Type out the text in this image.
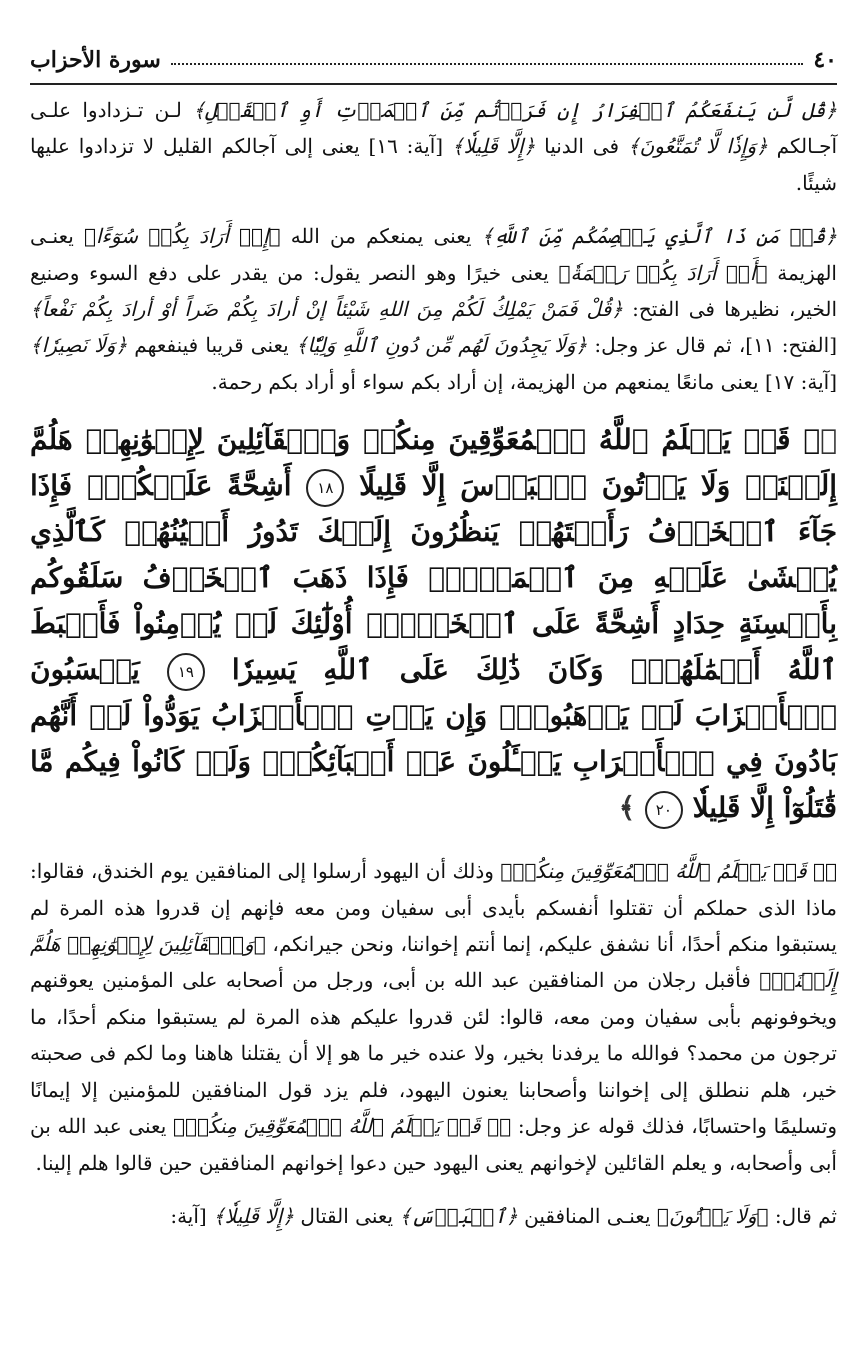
٤٠
سورة الأحزاب

﴿قُل لَّن يَنفَعَكُمُ ٱلۡفِرَارُ إِن فَرَرۡتُم مِّنَ ٱلۡمَوۡتِ أَوِ ٱلۡقَتۡلِ﴾ لـن تـزدادوا علـى آجـالكم ﴿وَإِذٗا لَّا تُمَتَّعُونَ﴾ فى الدنيا ﴿إِلَّا قَلِيلٗا﴾ [آية: ١٦] يعنى إلى آجالكم القليل لا تزدادوا عليها شيئًا.

﴿قُلۡ مَن ذَا ٱلَّذِي يَعۡصِمُكُم مِّنَ ٱللَّهِ﴾ يعنى يمنعكم من الله ﴿إِنۡ أَرَادَ بِكُمۡ سُوٓءًا﴾ يعنـى الهزيمة ﴿أَوۡ أَرَادَ بِكُمۡ رَحۡمَةٗ﴾ يعنى خيرًا وهو النصر يقول: من يقدر على دفع السوء وصنيع الخير، نظيرها فى الفتح: ﴿قُلْ فَمَنْ يَمْلِكُ لَكُمْ مِنَ اللهِ شَيْئاً إنْ أرادَ بِكُمْ ضَراً أوْ أرادَ بِكُمْ نَفْعاً﴾ [الفتح: ١١]، ثم قال عز وجل: ﴿وَلَا يَجِدُونَ لَهُم مِّن دُونِ ٱللَّهِ وَلِيّٗا﴾ يعنى قريبا فينفعهم ﴿وَلَا نَصِيرٗا﴾ [آية: ١٧] يعنى مانعًا يمنعهم من الهزيمة، إن أراد بكم سواء أو أراد بكم رحمة.

﴿۞ قَدۡ يَعۡلَمُ ٱللَّهُ ٱلۡمُعَوِّقِينَ مِنكُمۡ وَٱلۡقَآئِلِينَ لِإِخۡوَٰنِهِمۡ هَلُمَّ إِلَيۡنَاۖ وَلَا يَأۡتُونَ ٱلۡبَأۡسَ إِلَّا قَلِيلًا ١٨ أَشِحَّةً عَلَيۡكُمۡۖ فَإِذَا جَآءَ ٱلۡخَوۡفُ رَأَيۡتَهُمۡ يَنظُرُونَ إِلَيۡكَ تَدُورُ أَعۡيُنُهُمۡ كَٱلَّذِي يُغۡشَىٰ عَلَيۡهِ مِنَ ٱلۡمَوۡتِۖ فَإِذَا ذَهَبَ ٱلۡخَوۡفُ سَلَقُوكُم بِأَلۡسِنَةٍ حِدَادٍ أَشِحَّةً عَلَى ٱلۡخَيۡرِۚ أُوْلَٰٓئِكَ لَمۡ يُؤۡمِنُواْ فَأَحۡبَطَ ٱللَّهُ أَعۡمَٰلَهُمۡۚ وَكَانَ ذَٰلِكَ عَلَى ٱللَّهِ يَسِيرٗا ١٩ يَحۡسَبُونَ ٱلۡأَحۡزَابَ لَمۡ يَذۡهَبُواْۖ وَإِن يَأۡتِ ٱلۡأَحۡزَابُ يَوَدُّواْ لَوۡ أَنَّهُم بَادُونَ فِي ٱلۡأَعۡرَابِ يَسۡـَٔلُونَ عَنۡ أَنۢبَآئِكُمۡۖ وَلَوۡ كَانُواْ فِيكُم مَّا قَٰتَلُوٓاْ إِلَّا قَلِيلٗا ٢٠ ﴾

﴿۞ قَدۡ يَعۡلَمُ ٱللَّهُ ٱلۡمُعَوِّقِينَ مِنكُمۡ﴾ وذلك أن اليهود أرسلوا إلى المنافقين يوم الخندق، فقالوا: ماذا الذى حملكم أن تقتلوا أنفسكم بأيدى أبى سفيان ومن معه فإنهم إن قدروا هذه المرة لم يستبقوا منكم أحدًا، أنا نشفق عليكم، إنما أنتم إخواننا، ونحن جيرانكم، ﴿وَٱلۡقَآئِلِينَ لِإِخۡوَٰنِهِمۡ هَلُمَّ إِلَيۡنَاۖ﴾ فأقبل رجلان من المنافقين عبد الله بن أبى، ورجل من أصحابه على المؤمنين يعوقنهم ويخوفونهم بأبى سفيان ومن معه، قالوا: لئن قدروا عليكم هذه المرة لم يستبقوا منكم أحدًا، ما ترجون من محمد؟ فوالله ما يرفدنا بخير، ولا عنده خير ما هو إلا أن يقتلنا هاهنا وما لكم فى صحبته خير، هلم ننطلق إلى إخواننا وأصحابنا يعنون اليهود، فلم يزد قول المنافقين للمؤمنين إلا إيمانًا وتسليمًا واحتسابًا، فذلك قوله عز وجل: ﴿۞ قَدۡ يَعۡلَمُ ٱللَّهُ ٱلۡمُعَوِّقِينَ مِنكُمۡ﴾ يعنى عبد الله بن أبى وأصحابه، و يعلم القائلين لإخوانهم يعنى اليهود حين دعوا إخوانهم المنافقين حين قالوا هلم إلينا.

ثم قال: ﴿وَلَا يَأۡتُونَ﴾ يعنـى المنافقين ﴿ٱلۡبَأۡسَ﴾ يعنى القتال ﴿إِلَّا قَلِيلٗا﴾ [آية:
